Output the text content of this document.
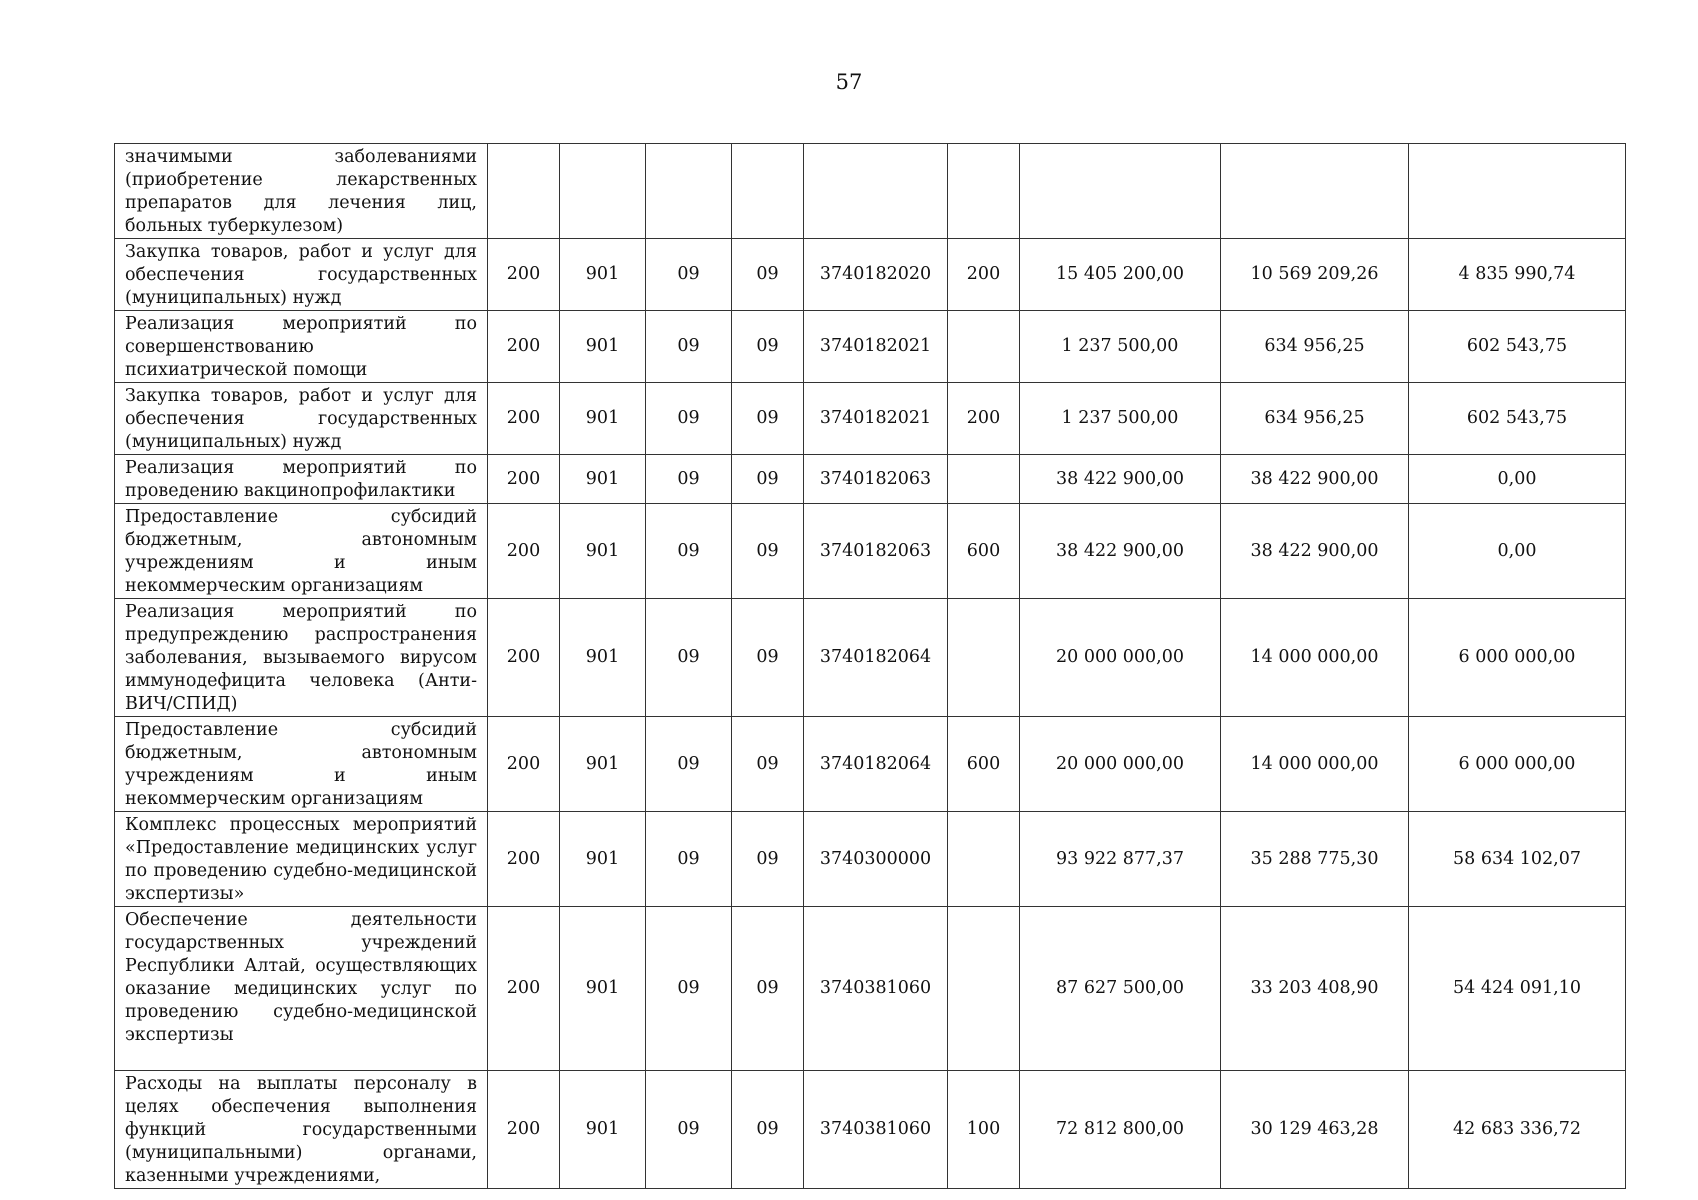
57
значимыми заболеваниями (приобретение лекарственных препаратов для лечения лиц, больных туберкулезом)									
Закупка товаров, работ и услуг для обеспечения государственных (муниципальных) нужд	200	901	09	09	3740182020	200	15 405 200,00	10 569 209,26	4 835 990,74
Реализация мероприятий по совершенствованию психиатрической помощи	200	901	09	09	3740182021		1 237 500,00	634 956,25	602 543,75
Закупка товаров, работ и услуг для обеспечения государственных (муниципальных) нужд	200	901	09	09	3740182021	200	1 237 500,00	634 956,25	602 543,75
Реализация мероприятий по проведению вакцинопрофилактики	200	901	09	09	3740182063		38 422 900,00	38 422 900,00	0,00
Предоставление субсидий бюджетным, автономным учреждениям и иным некоммерческим организациям	200	901	09	09	3740182063	600	38 422 900,00	38 422 900,00	0,00
Реализация мероприятий по предупреждению распространения заболевания, вызываемого вирусом иммунодефицита человека (Анти-ВИЧ/СПИД)	200	901	09	09	3740182064		20 000 000,00	14 000 000,00	6 000 000,00
Предоставление субсидий бюджетным, автономным учреждениям и иным некоммерческим организациям	200	901	09	09	3740182064	600	20 000 000,00	14 000 000,00	6 000 000,00
Комплекс процессных мероприятий «Предоставление медицинских услуг по проведению судебно-медицинской экспертизы»	200	901	09	09	3740300000		93 922 877,37	35 288 775,30	58 634 102,07
Обеспечение деятельности государственных учреждений Республики Алтай, осуществляющих оказание медицинских услуг по проведению судебно-медицинской экспертизы	200	901	09	09	3740381060		87 627 500,00	33 203 408,90	54 424 091,10
Расходы на выплаты персоналу в целях обеспечения выполнения функций государственными (муниципальными) органами, казенными учреждениями,	200	901	09	09	3740381060	100	72 812 800,00	30 129 463,28	42 683 336,72
